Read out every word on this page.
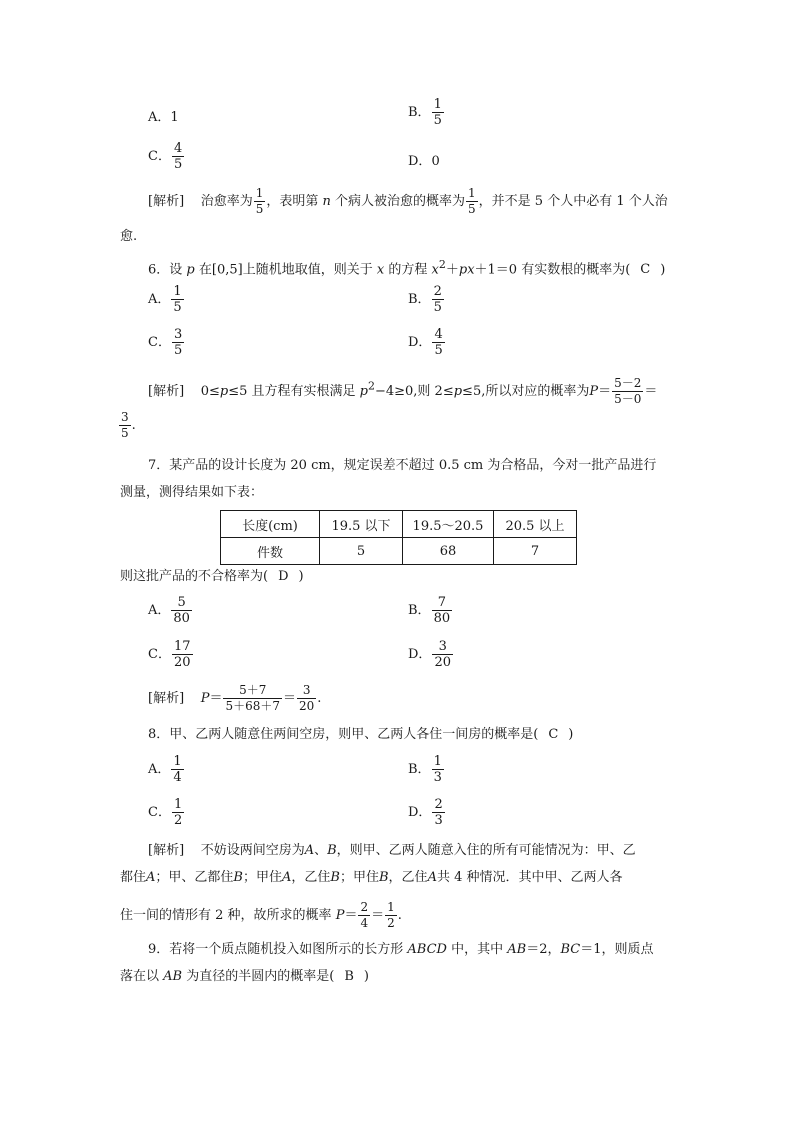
A．1	B． $\frac{1}{5}$
C． $\frac{4}{5}$	D．0
[解析] 治愈率为 $\frac{1}{5}$ ，表明第 n 个病人被治愈的概率为 $\frac{1}{5}$ ，并不是 5 个人中必有 1 个人治
愈.
6．设 p 在[0,5]上随机地取值，则关于 x 的方程 $x^2+px+1=0$ 有实数根的概率为( C )
A． $\frac{1}{5}$	B． $\frac{2}{5}$
C． $\frac{3}{5}$	D． $\frac{4}{5}$
[解析] 0≤p≤5 且方程有实根满足 $p^2-4\ge 0$,则 2≤p≤5,所以对应的概率为$P= \frac{5-2}{5-0}$ ＝
$\frac{3}{5}$ .
7．某产品的设计长度为 20 cm，规定误差不超过 0.5 cm 为合格品，今对一批产品进行
测量，测得结果如下表：
长度(cm)	19.5 以下	19.5～20.5	20.5 以上
件数	5	68	7
则这批产品的不合格率为( D )
A． $\frac{5}{80}$	B． $\frac{7}{80}$
C． $\frac{17}{20}$	D． $\frac{3}{20}$
[解析] $P= \frac{5+7}{5+68+7} = \frac{3}{20}$ .
8．甲、乙两人随意住两间空房，则甲、乙两人各住一间房的概率是( C )
A． $\frac{1}{4}$	B． $\frac{1}{3}$
C． $\frac{1}{2}$	D． $\frac{2}{3}$
[解析] 不妨设两间空房为A、B，则甲、乙两人随意入住的所有可能情况为：甲、乙
都住A；甲、乙都住B；甲住A，乙住B；甲住B，乙住A共 4 种情况．其中甲、乙两人各
住一间的情形有 2 种，故所求的概率 $P= \frac{2}{4} = \frac{1}{2}$ .
9．若将一个质点随机投入如图所示的长方形 ABCD 中，其中 AB＝2，BC＝1，则质点
落在以 AB 为直径的半圆内的概率是( B )
